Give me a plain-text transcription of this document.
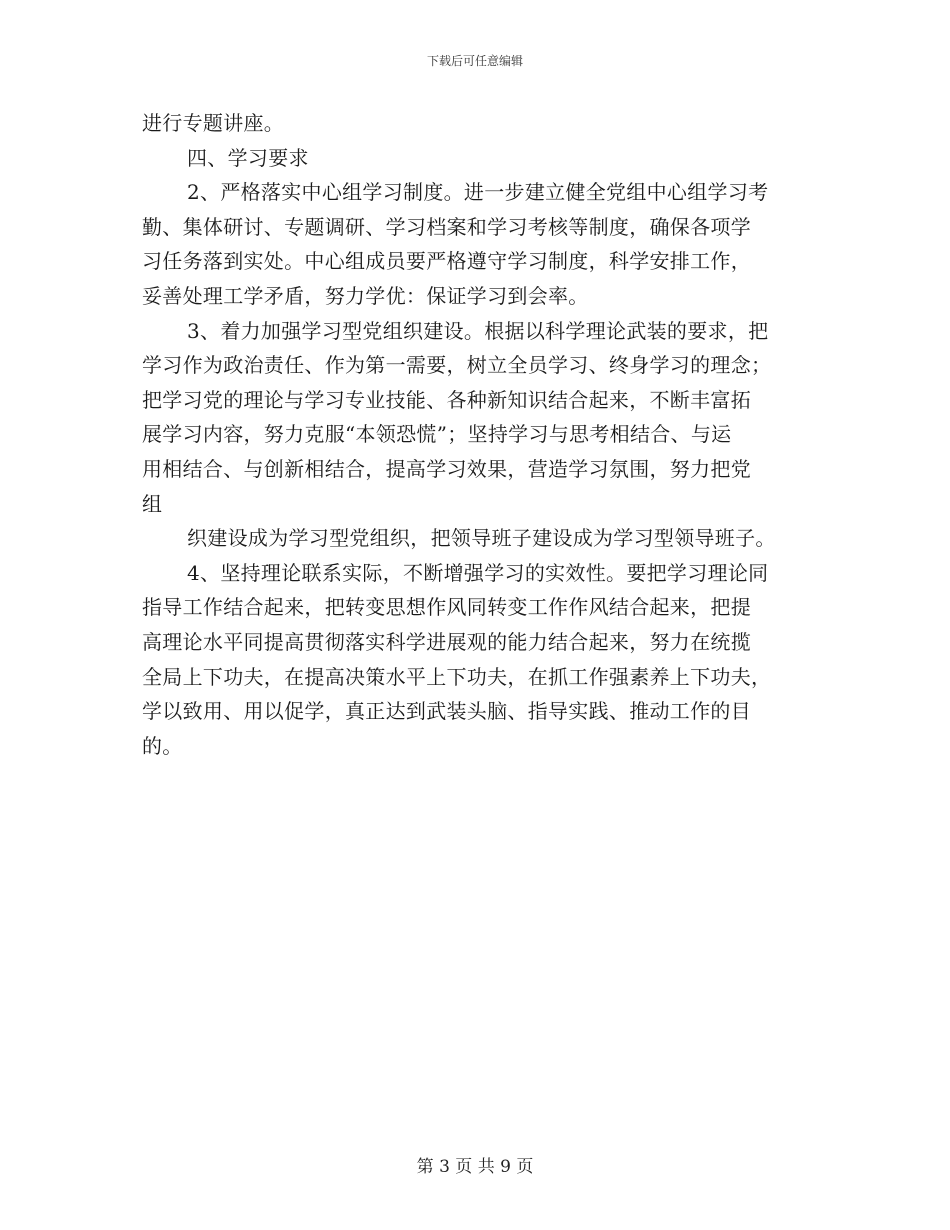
下载后可任意编辑
进行专题讲座。
四、学习要求
2、严格落实中心组学习制度。进一步建立健全党组中心组学习考
勤、集体研讨、专题调研、学习档案和学习考核等制度，确保各项学
习任务落到实处。中心组成员要严格遵守学习制度，科学安排工作，
妥善处理工学矛盾，努力学优：保证学习到会率。
3、着力加强学习型党组织建设。根据以科学理论武装的要求，把
学习作为政治责任、作为第一需要，树立全员学习、终身学习的理念；
把学习党的理论与学习专业技能、各种新知识结合起来，不断丰富拓
展学习内容，努力克服“本领恐慌”；坚持学习与思考相结合、与运
用相结合、与创新相结合，提高学习效果，营造学习氛围，努力把党
组
织建设成为学习型党组织，把领导班子建设成为学习型领导班子。
4、坚持理论联系实际，不断增强学习的实效性。要把学习理论同
指导工作结合起来，把转变思想作风同转变工作作风结合起来，把提
高理论水平同提高贯彻落实科学进展观的能力结合起来，努力在统揽
全局上下功夫，在提高决策水平上下功夫，在抓工作强素养上下功夫，
学以致用、用以促学，真正达到武装头脑、指导实践、推动工作的目
的。
第 3 页 共 9 页
